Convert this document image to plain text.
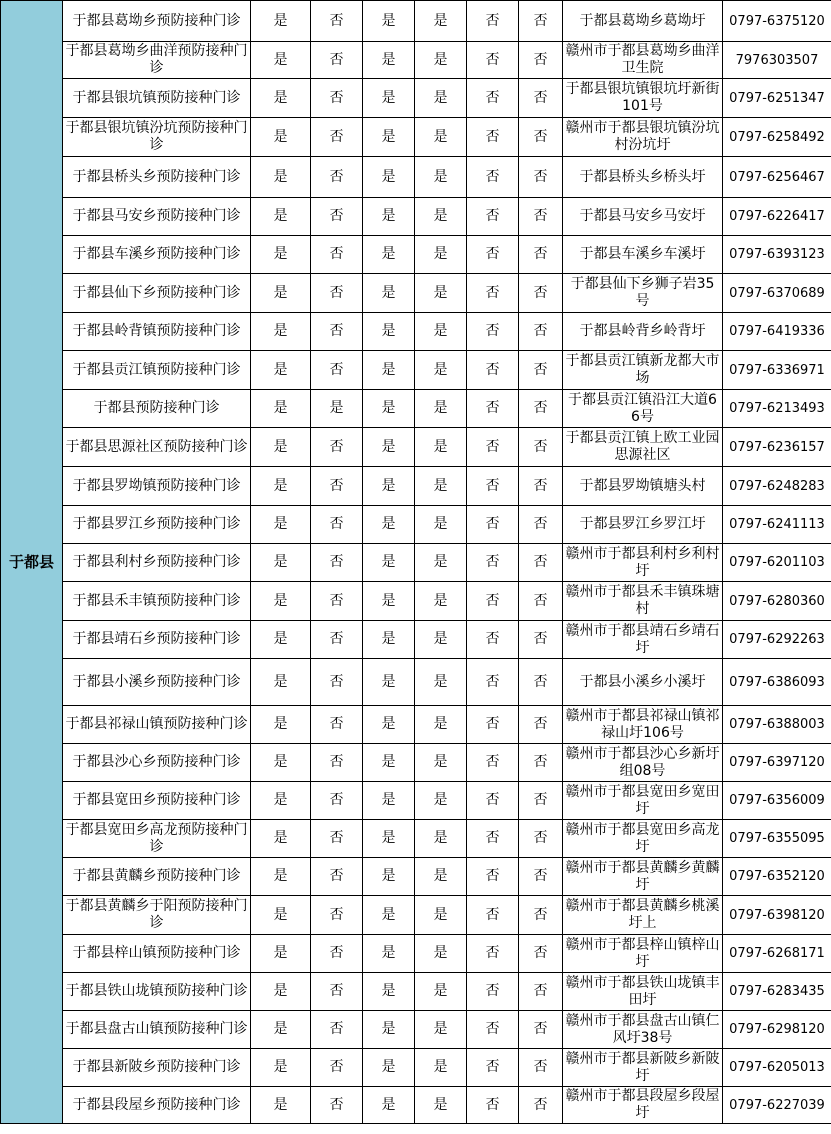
于都县	于都县葛坳乡预防接种门诊	是	否	是	是	否	否	于都县葛坳乡葛坳圩	0797-6375120
	于都县葛坳乡曲洋预防接种门诊	是	否	是	是	否	否	赣州市于都县葛坳乡曲洋卫生院	7976303507
	于都县银坑镇预防接种门诊	是	否	是	是	否	否	于都县银坑镇银坑圩新街101号	0797-6251347
	于都县银坑镇汾坑预防接种门诊	是	否	是	是	否	否	赣州市于都县银坑镇汾坑村汾坑圩	0797-6258492
	于都县桥头乡预防接种门诊	是	否	是	是	否	否	于都县桥头乡桥头圩	0797-6256467
	于都县马安乡预防接种门诊	是	否	是	是	否	否	于都县马安乡马安圩	0797-6226417
	于都县车溪乡预防接种门诊	是	否	是	是	否	否	于都县车溪乡车溪圩	0797-6393123
	于都县仙下乡预防接种门诊	是	否	是	是	否	否	于都县仙下乡狮子岩35号	0797-6370689
	于都县岭背镇预防接种门诊	是	否	是	是	否	否	于都县岭背乡岭背圩	0797-6419336
	于都县贡江镇预防接种门诊	是	否	是	是	否	否	于都县贡江镇新龙都大市场	0797-6336971
	于都县预防接种门诊	是	是	是	是	否	否	于都县贡江镇沿江大道66号	0797-6213493
	于都县思源社区预防接种门诊	是	否	是	是	否	否	于都县贡江镇上欧工业园思源社区	0797-6236157
	于都县罗坳镇预防接种门诊	是	否	是	是	否	否	于都县罗坳镇塘头村	0797-6248283
	于都县罗江乡预防接种门诊	是	否	是	是	否	否	于都县罗江乡罗江圩	0797-6241113
	于都县利村乡预防接种门诊	是	否	是	是	否	否	赣州市于都县利村乡利村圩	0797-6201103
	于都县禾丰镇预防接种门诊	是	否	是	是	否	否	赣州市于都县禾丰镇珠塘村	0797-6280360
	于都县靖石乡预防接种门诊	是	否	是	是	否	否	赣州市于都县靖石乡靖石圩	0797-6292263
	于都县小溪乡预防接种门诊	是	否	是	是	否	否	于都县小溪乡小溪圩	0797-6386093
	于都县祁禄山镇预防接种门诊	是	否	是	是	否	否	赣州市于都县祁禄山镇祁禄山圩106号	0797-6388003
	于都县沙心乡预防接种门诊	是	否	是	是	否	否	赣州市于都县沙心乡新圩组08号	0797-6397120
	于都县宽田乡预防接种门诊	是	否	是	是	否	否	赣州市于都县宽田乡宽田圩	0797-6356009
	于都县宽田乡高龙预防接种门诊	是	否	是	是	否	否	赣州市于都县宽田乡高龙圩	0797-6355095
	于都县黄麟乡预防接种门诊	是	否	是	是	否	否	赣州市于都县黄麟乡黄麟圩	0797-6352120
	于都县黄麟乡于阳预防接种门诊	是	否	是	是	否	否	赣州市于都县黄麟乡桃溪圩上	0797-6398120
	于都县梓山镇预防接种门诊	是	否	是	是	否	否	赣州市于都县梓山镇梓山圩	0797-6268171
	于都县铁山垅镇预防接种门诊	是	否	是	是	否	否	赣州市于都县铁山垅镇丰田圩	0797-6283435
	于都县盘古山镇预防接种门诊	是	否	是	是	否	否	赣州市于都县盘古山镇仁风圩38号	0797-6298120
	于都县新陂乡预防接种门诊	是	否	是	是	否	否	赣州市于都县新陂乡新陂圩	0797-6205013
	于都县段屋乡预防接种门诊	是	否	是	是	否	否	赣州市于都县段屋乡段屋圩	0797-6227039
